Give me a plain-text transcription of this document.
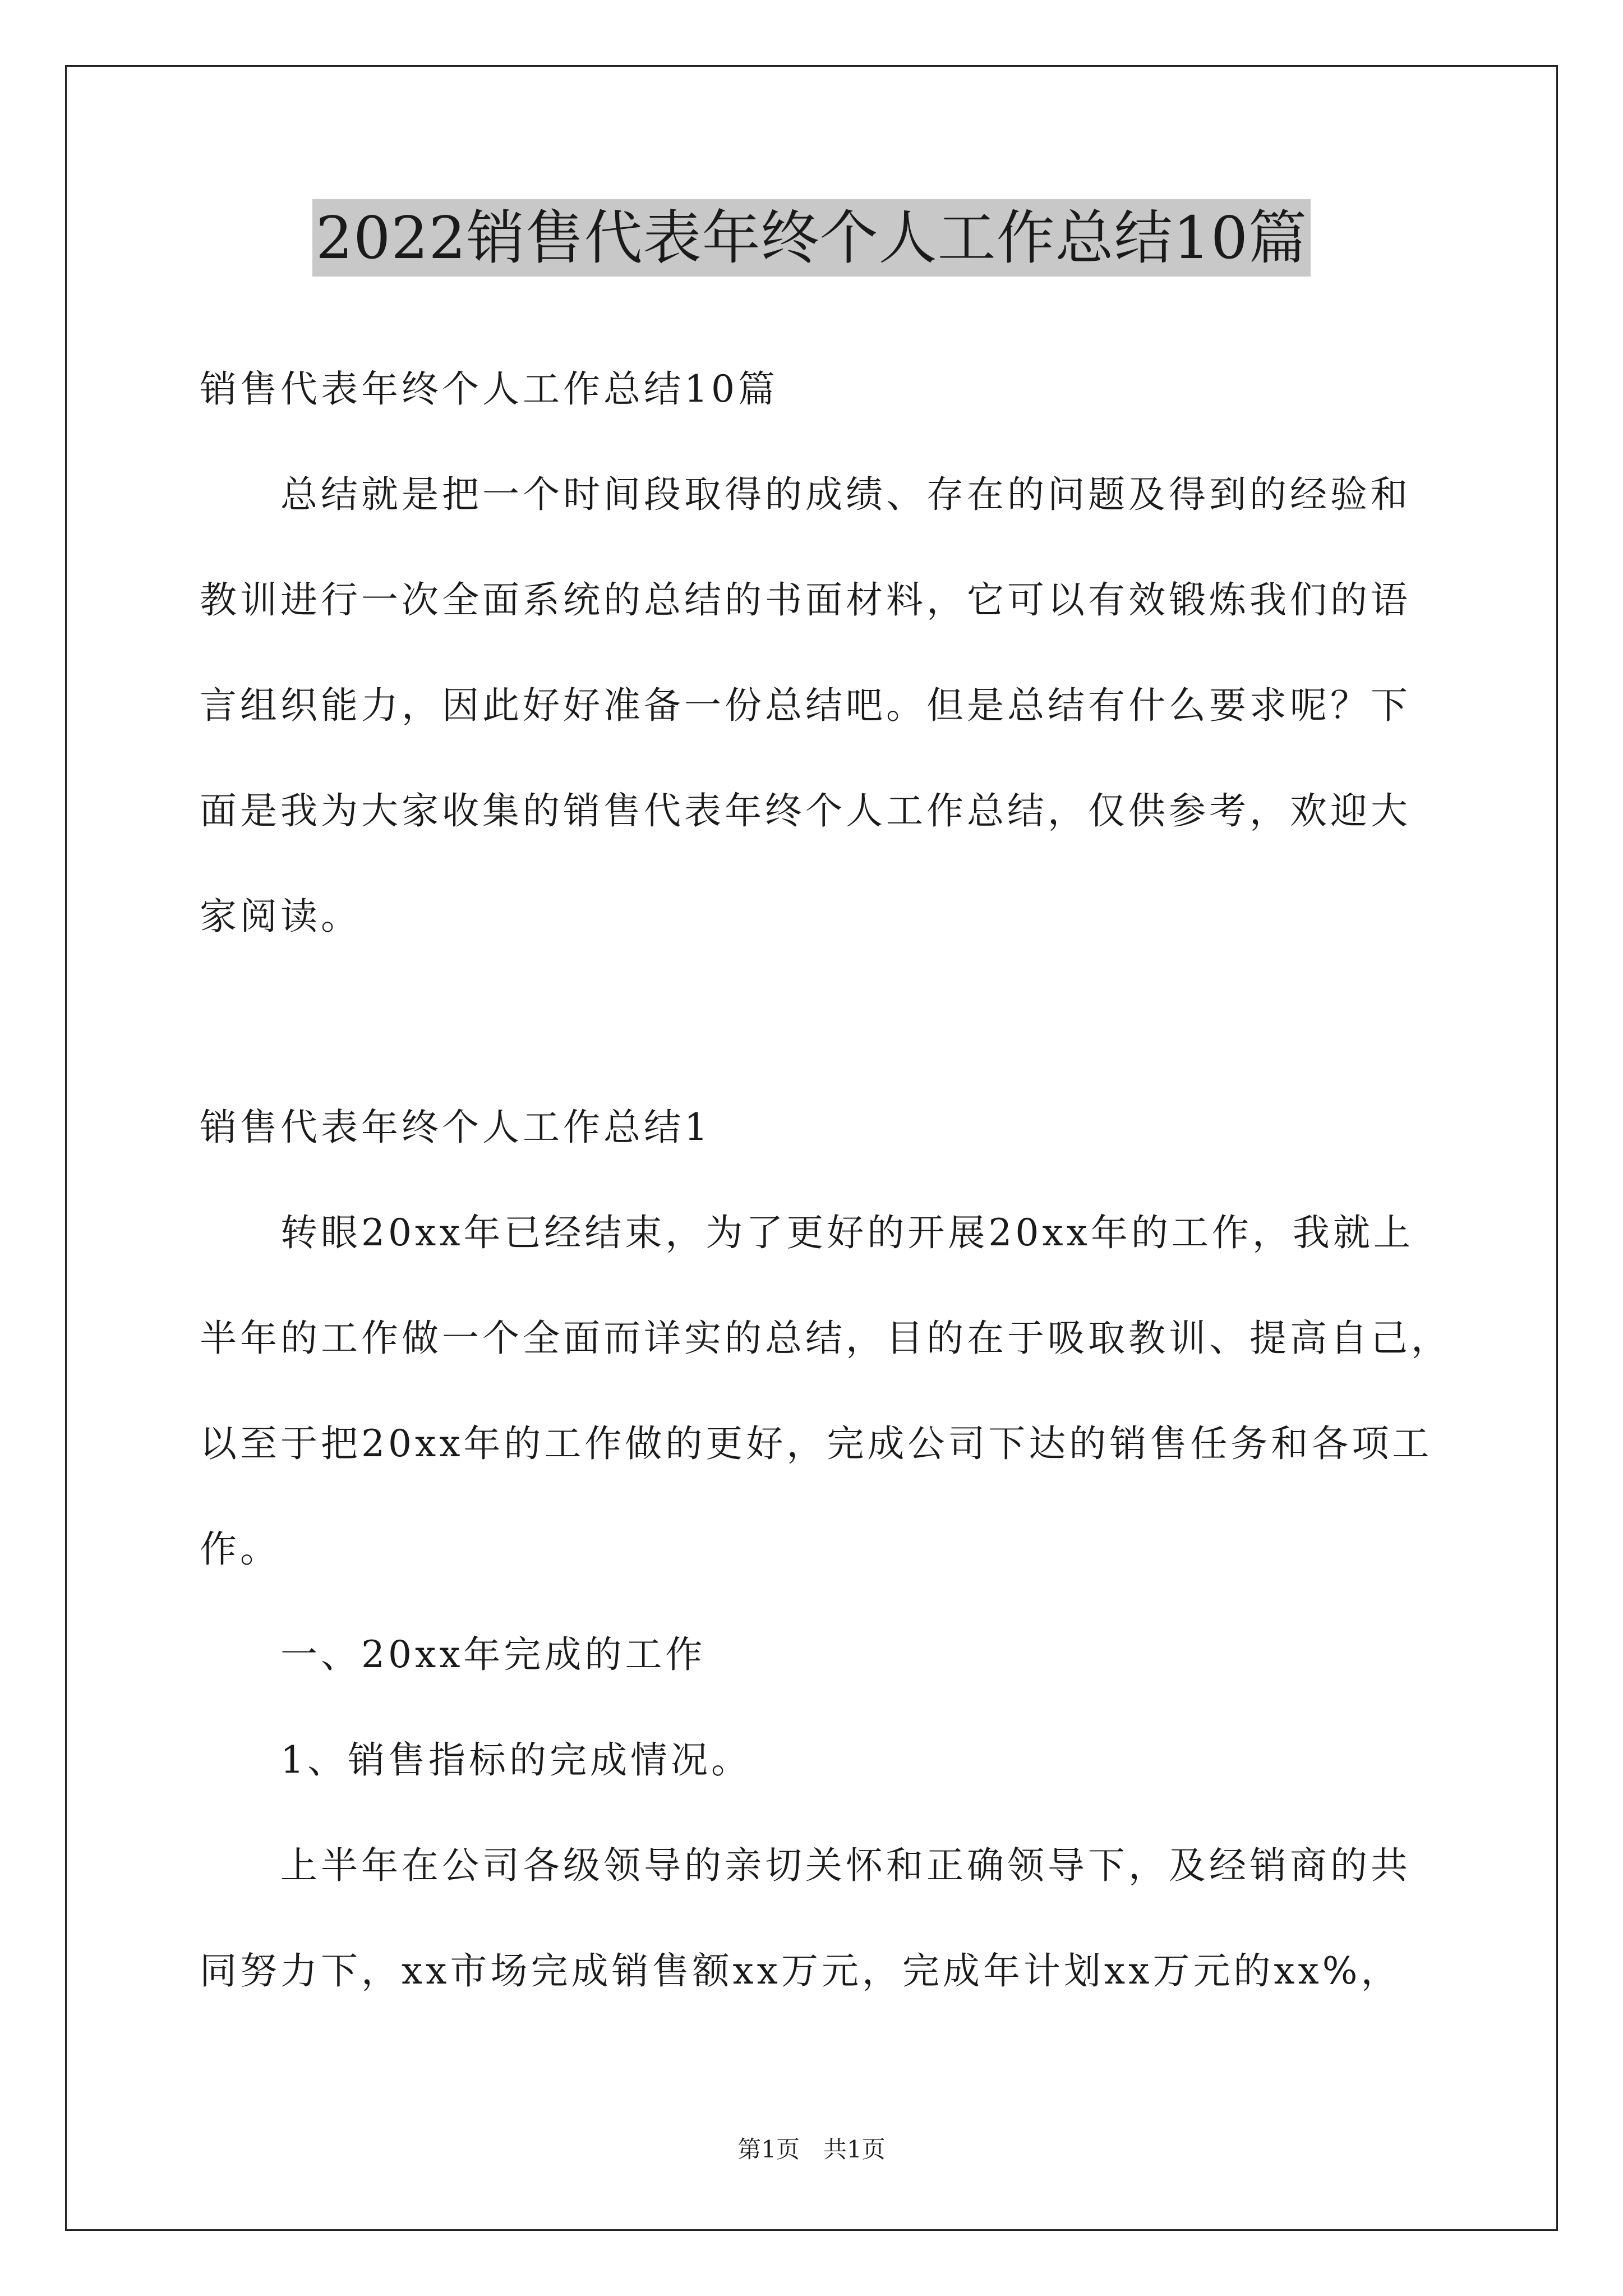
2022销售代表年终个人工作总结10篇
销售代表年终个人工作总结10篇
总结就是把一个时间段取得的成绩、存在的问题及得到的经验和
教训进行一次全面系统的总结的书面材料，它可以有效锻炼我们的语
言组织能力，因此好好准备一份总结吧。但是总结有什么要求呢？下
面是我为大家收集的销售代表年终个人工作总结，仅供参考，欢迎大
家阅读。
销售代表年终个人工作总结1
转眼20xx年已经结束，为了更好的开展20xx年的工作，我就上
半年的工作做一个全面而详实的总结，目的在于吸取教训、提高自己，
以至于把20xx年的工作做的更好，完成公司下达的销售任务和各项工
作。
一、20xx年完成的工作
1、销售指标的完成情况。
上半年在公司各级领导的亲切关怀和正确领导下，及经销商的共
同努力下，xx市场完成销售额xx万元，完成年计划xx万元的xx%，
第1页　共1页
